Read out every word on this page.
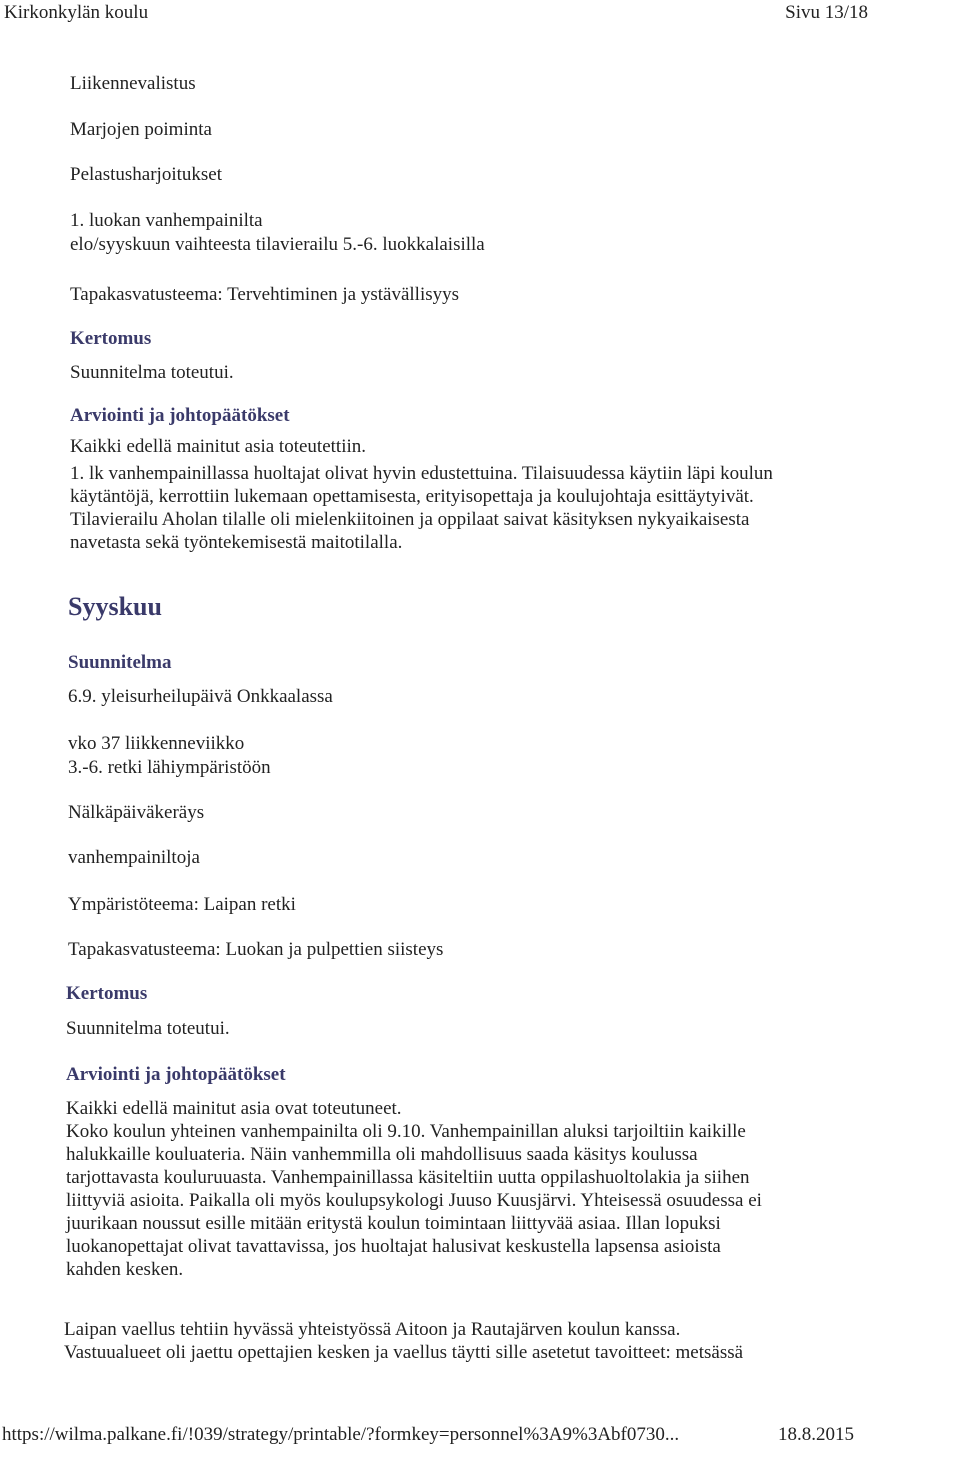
Kirkonkylän koulu	Sivu 13/18
Liikennevalistus
Marjojen poiminta
Pelastusharjoitukset
1. luokan vanhempainilta
elo/syyskuun vaihteesta tilavierailu 5.-6. luokkalaisilla
Tapakasvatusteema: Tervehtiminen ja ystävällisyys
Kertomus
Suunnitelma toteutui.
Arviointi ja johtopäätökset
Kaikki edellä mainitut asia toteutettiin.
1. lk vanhempainillassa huoltajat olivat hyvin edustettuina. Tilaisuudessa käytiin läpi koulun
käytäntöjä, kerrottiin lukemaan opettamisesta, erityisopettaja ja koulujohtaja esittäytyivät.
Tilavierailu Aholan tilalle oli mielenkiitoinen ja oppilaat saivat käsityksen nykyaikaisesta
navetasta sekä työntekemisestä maitotilalla.
Syyskuu
Suunnitelma
6.9. yleisurheilupäivä Onkkaalassa
vko 37 liikkenneviikko
3.-6. retki lähiympäristöön
Nälkäpäiväkeräys
vanhempainiltoja
Ympäristöteema: Laipan retki
Tapakasvatusteema: Luokan ja pulpettien siisteys
Kertomus
Suunnitelma toteutui.
Arviointi ja johtopäätökset
Kaikki edellä mainitut asia ovat toteutuneet.
Koko koulun yhteinen vanhempainilta oli 9.10. Vanhempainillan aluksi tarjoiltiin kaikille
halukkaille kouluateria. Näin vanhemmilla oli mahdollisuus saada käsitys koulussa
tarjottavasta kouluruuasta. Vanhempainillassa käsiteltiin uutta oppilashuoltolakia ja siihen
liittyviä asioita. Paikalla oli myös koulupsykologi Juuso Kuusjärvi. Yhteisessä osuudessa ei
juurikaan noussut esille mitään eritystä koulun toimintaan liittyvää asiaa. Illan lopuksi
luokanopettajat olivat tavattavissa, jos huoltajat halusivat keskustella lapsensa asioista
kahden kesken.
Laipan vaellus tehtiin hyvässä yhteistyössä Aitoon ja Rautajärven koulun kanssa.
Vastuualueet oli jaettu opettajien kesken ja vaellus täytti sille asetetut tavoitteet: metsässä
https://wilma.palkane.fi/!039/strategy/printable/?formkey=personnel%3A9%3Abf0730...	18.8.2015
